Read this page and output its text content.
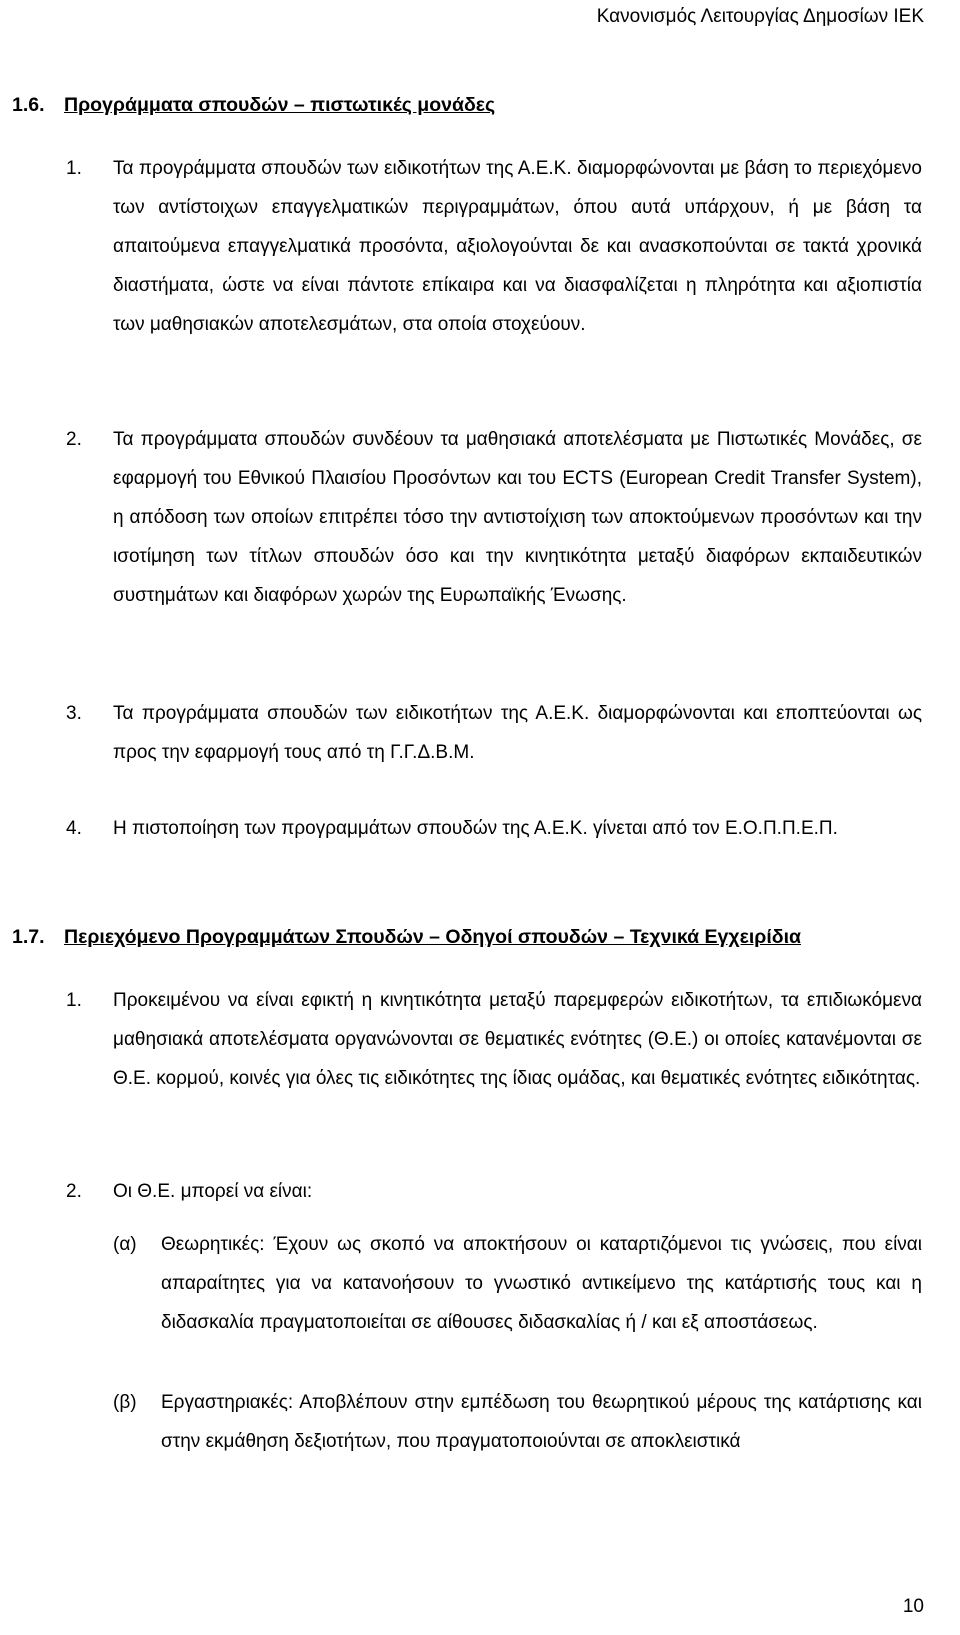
Κανονισμός Λειτουργίας Δημοσίων ΙΕΚ
1.6. Προγράμματα σπουδών – πιστωτικές μονάδες
1. Τα προγράμματα σπουδών των ειδικοτήτων της Α.Ε.Κ. διαμορφώνονται με βάση το περιεχόμενο των αντίστοιχων επαγγελματικών περιγραμμάτων, όπου αυτά υπάρχουν, ή με βάση τα απαιτούμενα επαγγελματικά προσόντα, αξιολογούνται δε και ανασκοπούνται σε τακτά χρονικά διαστήματα, ώστε να είναι πάντοτε επίκαιρα και να διασφαλίζεται η πληρότητα και αξιοπιστία των μαθησιακών αποτελεσμάτων, στα οποία στοχεύουν.
2. Τα προγράμματα σπουδών συνδέουν τα μαθησιακά αποτελέσματα με Πιστωτικές Μονάδες, σε εφαρμογή του Εθνικού Πλαισίου Προσόντων και του ECTS (European Credit Transfer System), η απόδοση των οποίων επιτρέπει τόσο την αντιστοίχιση των αποκτούμενων προσόντων και την ισοτίμηση των τίτλων σπουδών όσο και την κινητικότητα μεταξύ διαφόρων εκπαιδευτικών συστημάτων και διαφόρων χωρών της Ευρωπαϊκής Ένωσης.
3. Τα προγράμματα σπουδών των ειδικοτήτων της Α.Ε.Κ. διαμορφώνονται και εποπτεύονται ως προς την εφαρμογή τους από τη Γ.Γ.Δ.Β.Μ.
4. Η πιστοποίηση των προγραμμάτων σπουδών της Α.Ε.Κ. γίνεται από τον Ε.Ο.Π.Π.Ε.Π.
1.7. Περιεχόμενο Προγραμμάτων Σπουδών – Οδηγοί σπουδών – Τεχνικά Εγχειρίδια
1. Προκειμένου να είναι εφικτή η κινητικότητα μεταξύ παρεμφερών ειδικοτήτων, τα επιδιωκόμενα μαθησιακά αποτελέσματα οργανώνονται σε θεματικές ενότητες (Θ.Ε.) οι οποίες κατανέμονται σε Θ.Ε. κορμού, κοινές για όλες τις ειδικότητες της ίδιας ομάδας, και θεματικές ενότητες ειδικότητας.
2. Οι Θ.Ε. μπορεί να είναι:
(α) Θεωρητικές: Έχουν ως σκοπό να αποκτήσουν οι καταρτιζόμενοι τις γνώσεις, που είναι απαραίτητες για να κατανοήσουν το γνωστικό αντικείμενο της κατάρτισής τους και η διδασκαλία πραγματοποιείται σε αίθουσες διδασκαλίας ή / και εξ αποστάσεως.
(β) Εργαστηριακές: Αποβλέπουν στην εμπέδωση του θεωρητικού μέρους της κατάρτισης και στην εκμάθηση δεξιοτήτων, που πραγματοποιούνται σε αποκλειστικά
10
